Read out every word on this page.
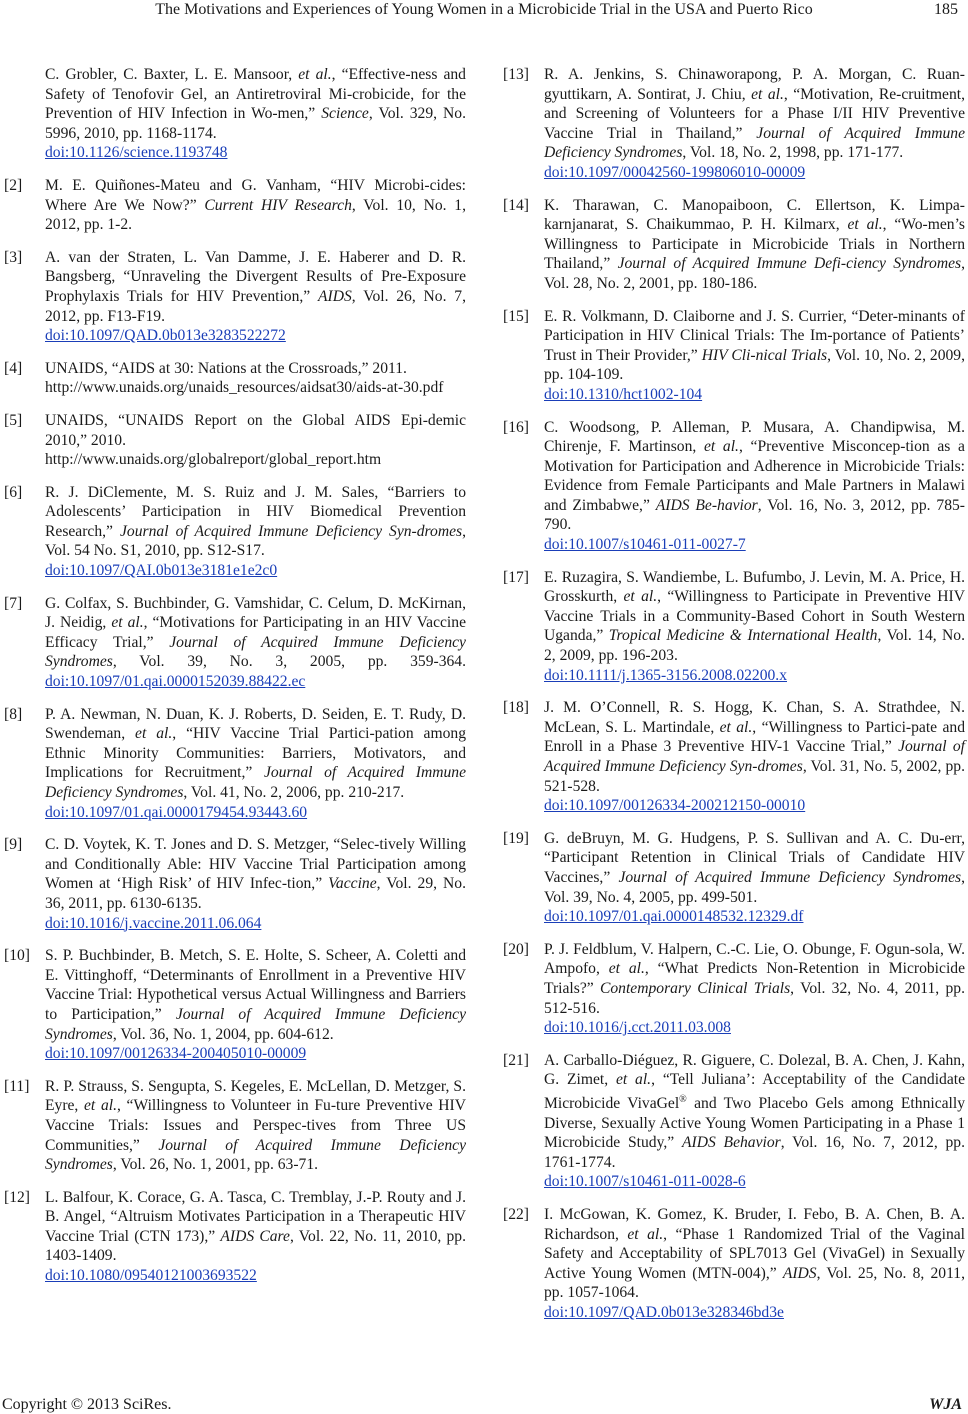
The Motivations and Experiences of Young Women in a Microbicide Trial in the USA and Puerto Rico	185
C. Grobler, C. Baxter, L. E. Mansoor, et al., “Effective-ness and Safety of Tenofovir Gel, an Antiretroviral Mi-crobicide, for the Prevention of HIV Infection in Wo-men,” Science, Vol. 329, No. 5996, 2010, pp. 1168-1174.
doi:10.1126/science.1193748
[2] M. E. Quiñones-Mateu and G. Vanham, “HIV Microbi-cides: Where Are We Now?” Current HIV Research, Vol. 10, No. 1, 2012, pp. 1-2.
[3] A. van der Straten, L. Van Damme, J. E. Haberer and D. R. Bangsberg, “Unraveling the Divergent Results of Pre-Exposure Prophylaxis Trials for HIV Prevention,” AIDS, Vol. 26, No. 7, 2012, pp. F13-F19.
doi:10.1097/QAD.0b013e3283522272
[4] UNAIDS, “AIDS at 30: Nations at the Crossroads,” 2011.
http://www.unaids.org/unaids_resources/aidsat30/aids-at-30.pdf
[5] UNAIDS, “UNAIDS Report on the Global AIDS Epi-demic 2010,” 2010.
http://www.unaids.org/globalreport/global_report.htm
[6] R. J. DiClemente, M. S. Ruiz and J. M. Sales, “Barriers to Adolescents’ Participation in HIV Biomedical Prevention Research,” Journal of Acquired Immune Deficiency Syn-dromes, Vol. 54 No. S1, 2010, pp. S12-S17.
doi:10.1097/QAI.0b013e3181e1e2c0
[7] G. Colfax, S. Buchbinder, G. Vamshidar, C. Celum, D. McKirnan, J. Neidig, et al., “Motivations for Participating in an HIV Vaccine Efficacy Trial,” Journal of Acquired Immune Deficiency Syndromes, Vol. 39, No. 3, 2005, pp. 359-364. doi:10.1097/01.qai.0000152039.88422.ec
[8] P. A. Newman, N. Duan, K. J. Roberts, D. Seiden, E. T. Rudy, D. Swendeman, et al., “HIV Vaccine Trial Partici-pation among Ethnic Minority Communities: Barriers, Motivators, and Implications for Recruitment,” Journal of Acquired Immune Deficiency Syndromes, Vol. 41, No. 2, 2006, pp. 210-217.
doi:10.1097/01.qai.0000179454.93443.60
[9] C. D. Voytek, K. T. Jones and D. S. Metzger, “Selec-tively Willing and Conditionally Able: HIV Vaccine Trial Participation among Women at ‘High Risk’ of HIV Infec-tion,” Vaccine, Vol. 29, No. 36, 2011, pp. 6130-6135.
doi:10.1016/j.vaccine.2011.06.064
[10] S. P. Buchbinder, B. Metch, S. E. Holte, S. Scheer, A. Coletti and E. Vittinghoff, “Determinants of Enrollment in a Preventive HIV Vaccine Trial: Hypothetical versus Actual Willingness and Barriers to Participation,” Journal of Acquired Immune Deficiency Syndromes, Vol. 36, No. 1, 2004, pp. 604-612.
doi:10.1097/00126334-200405010-00009
[11] R. P. Strauss, S. Sengupta, S. Kegeles, E. McLellan, D. Metzger, S. Eyre, et al., “Willingness to Volunteer in Fu-ture Preventive HIV Vaccine Trials: Issues and Perspec-tives from Three US Communities,” Journal of Acquired Immune Deficiency Syndromes, Vol. 26, No. 1, 2001, pp. 63-71.
[12] L. Balfour, K. Corace, G. A. Tasca, C. Tremblay, J.-P. Routy and J. B. Angel, “Altruism Motivates Participation in a Therapeutic HIV Vaccine Trial (CTN 173),” AIDS Care, Vol. 22, No. 11, 2010, pp. 1403-1409.
doi:10.1080/09540121003693522
[13] R. A. Jenkins, S. Chinaworapong, P. A. Morgan, C. Ruan-gyuttikarn, A. Sontirat, J. Chiu, et al., “Motivation, Re-cruitment, and Screening of Volunteers for a Phase I/II HIV Preventive Vaccine Trial in Thailand,” Journal of Acquired Immune Deficiency Syndromes, Vol. 18, No. 2, 1998, pp. 171-177.
doi:10.1097/00042560-199806010-00009
[14] K. Tharawan, C. Manopaiboon, C. Ellertson, K. Limpa-karnjanarat, S. Chaikummao, P. H. Kilmarx, et al., “Wo-men’s Willingness to Participate in Microbicide Trials in Northern Thailand,” Journal of Acquired Immune Defi-ciency Syndromes, Vol. 28, No. 2, 2001, pp. 180-186.
[15] E. R. Volkmann, D. Claiborne and J. S. Currier, “Deter-minants of Participation in HIV Clinical Trials: The Im-portance of Patients’ Trust in Their Provider,” HIV Cli-nical Trials, Vol. 10, No. 2, 2009, pp. 104-109.
doi:10.1310/hct1002-104
[16] C. Woodsong, P. Alleman, P. Musara, A. Chandipwisa, M. Chirenje, F. Martinson, et al., “Preventive Misconcep-tion as a Motivation for Participation and Adherence in Microbicide Trials: Evidence from Female Participants and Male Partners in Malawi and Zimbabwe,” AIDS Be-havior, Vol. 16, No. 3, 2012, pp. 785-790.
doi:10.1007/s10461-011-0027-7
[17] E. Ruzagira, S. Wandiembe, L. Bufumbo, J. Levin, M. A. Price, H. Grosskurth, et al., “Willingness to Participate in Preventive HIV Vaccine Trials in a Community-Based Cohort in South Western Uganda,” Tropical Medicine & International Health, Vol. 14, No. 2, 2009, pp. 196-203.
doi:10.1111/j.1365-3156.2008.02200.x
[18] J. M. O’Connell, R. S. Hogg, K. Chan, S. A. Strathdee, N. McLean, S. L. Martindale, et al., “Willingness to Partici-pate and Enroll in a Phase 3 Preventive HIV-1 Vaccine Trial,” Journal of Acquired Immune Deficiency Syn-dromes, Vol. 31, No. 5, 2002, pp. 521-528.
doi:10.1097/00126334-200212150-00010
[19] G. deBruyn, M. G. Hudgens, P. S. Sullivan and A. C. Du-err, “Participant Retention in Clinical Trials of Candidate HIV Vaccines,” Journal of Acquired Immune Deficiency Syndromes, Vol. 39, No. 4, 2005, pp. 499-501.
doi:10.1097/01.qai.0000148532.12329.df
[20] P. J. Feldblum, V. Halpern, C.-C. Lie, O. Obunge, F. Ogun-sola, W. Ampofo, et al., “What Predicts Non-Retention in Microbicide Trials?” Contemporary Clinical Trials, Vol. 32, No. 4, 2011, pp. 512-516.
doi:10.1016/j.cct.2011.03.008
[21] A. Carballo-Diéguez, R. Giguere, C. Dolezal, B. A. Chen, J. Kahn, G. Zimet, et al., “Tell Juliana’: Acceptability of the Candidate Microbicide VivaGel® and Two Placebo Gels among Ethnically Diverse, Sexually Active Young Women Participating in a Phase 1 Microbicide Study,” AIDS Behavior, Vol. 16, No. 7, 2012, pp. 1761-1774.
doi:10.1007/s10461-011-0028-6
[22] I. McGowan, K. Gomez, K. Bruder, I. Febo, B. A. Chen, B. A. Richardson, et al., “Phase 1 Randomized Trial of the Vaginal Safety and Acceptability of SPL7013 Gel (VivaGel) in Sexually Active Young Women (MTN-004),” AIDS, Vol. 25, No. 8, 2011, pp. 1057-1064.
doi:10.1097/QAD.0b013e328346bd3e
Copyright © 2013 SciRes.	WJA
